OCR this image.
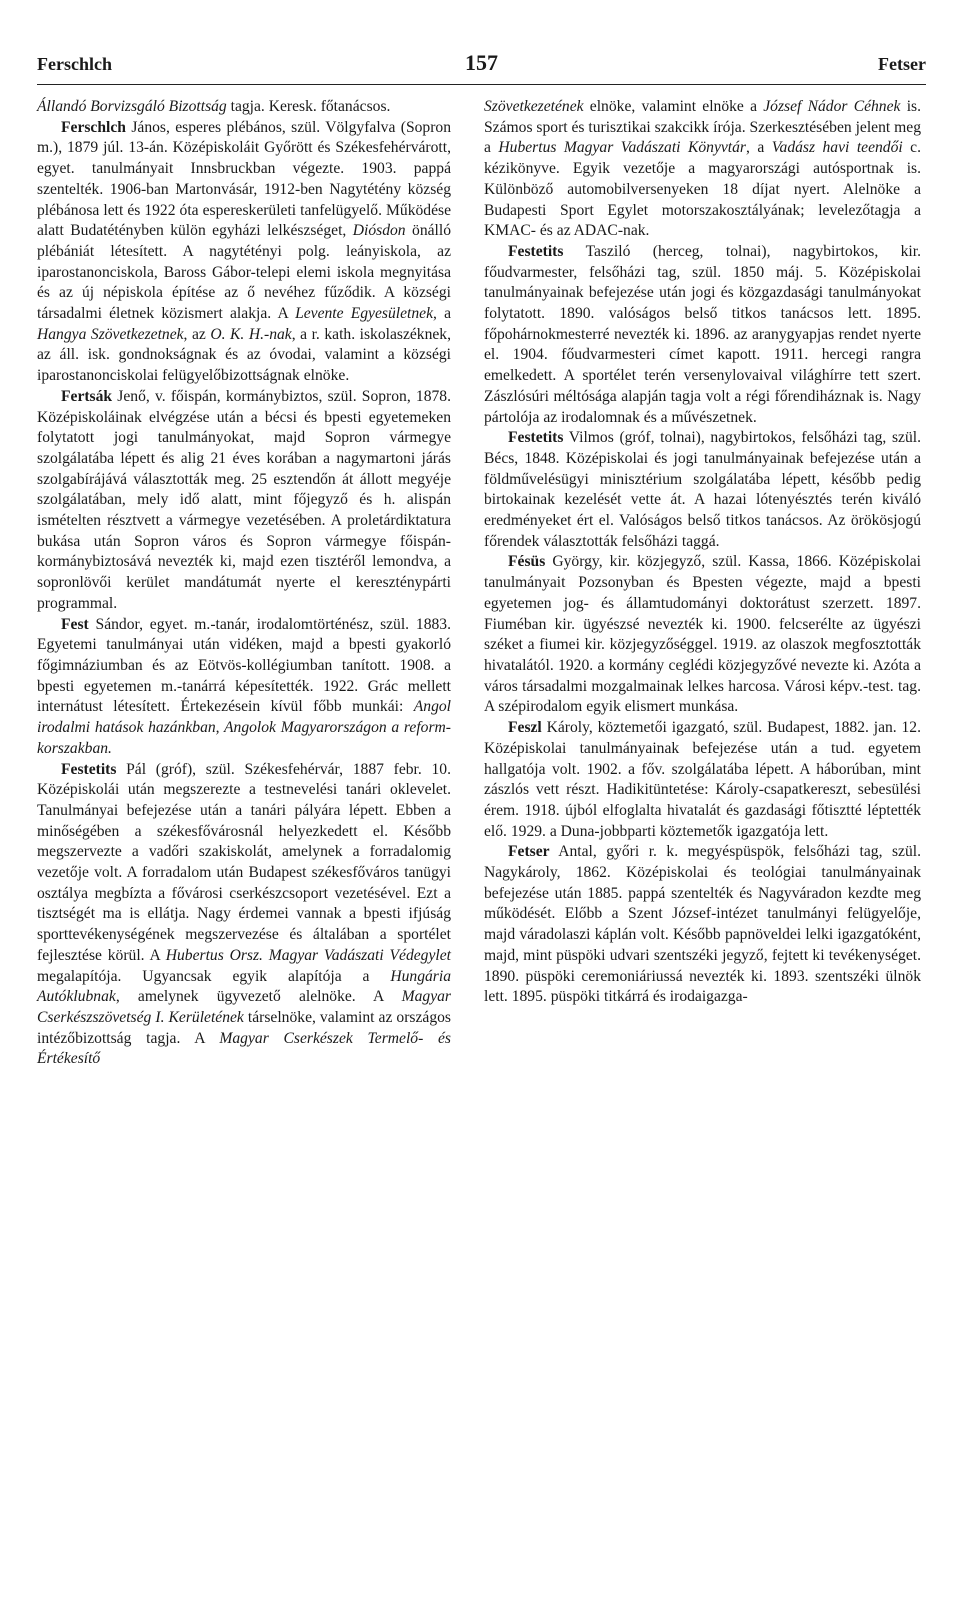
Ferschlch	157	Fetser

Állandó Borvizsgáló Bizottság tagja. Keresk. főtanácsos.

Ferschlch János, esperes plébános, szül. Völgyfalva (Sopron m.), 1879 júl. 13-án. Középiskoláit Győrött és Székesfehérvárott, egyet. tanulmányait Innsbruckban végezte. 1903. pappá szentelték. 1906-ban Martonvásár, 1912-ben Nagytétény község plébánosa lett és 1922 óta espereskerületi tanfelügyelő. Működése alatt Budatétényben külön egyházi lelkészséget, Diósdon önálló plébániát létesített. A nagytétényi polg. leányiskola, az iparostanonciskola, Baross Gábor-telepi elemi iskola megnyitása és az új népiskola építése az ő nevéhez fűződik. A községi társadalmi életnek közismert alakja. A Levente Egyesületnek, a Hangya Szövetkezetnek, az O. K. H.-nak, a r. kath. iskolaszéknek, az áll. isk. gondnokságnak és az óvodai, valamint a községi iparostanonciskolai felügyelőbizottságnak elnöke.

Fertsák Jenő, v. főispán, kormánybiztos, szül. Sopron, 1878. Középiskoláinak elvégzése után a bécsi és bpesti egyetemeken folytatott jogi tanulmányokat, majd Sopron vármegye szolgálatába lépett és alig 21 éves korában a nagymartoni járás szolgabírájává választották meg. 25 esztendőn át állott megyéje szolgálatában, mely idő alatt, mint főjegyző és h. alispán ismételten résztvett a vármegye vezetésében. A proletárdiktatura bukása után Sopron város és Sopron vármegye főispán-kormánybiztosává nevezték ki, majd ezen tisztéről lemondva, a sopronlövői kerület mandátumát nyerte el kereszténypárti programmal.

Fest Sándor, egyet. m.-tanár, irodalomtörténész, szül. 1883. Egyetemi tanulmányai után vidéken, majd a bpesti gyakorló főgimnáziumban és az Eötvös-kollégiumban tanított. 1908. a bpesti egyetemen m.-tanárrá képesítették. 1922. Grác mellett internátust létesített. Értekezésein kívül főbb munkái: Angol irodalmi hatások hazánkban, Angolok Magyarországon a reform-korszakban.

Festetits Pál (gróf), szül. Székesfehérvár, 1887 febr. 10. Középiskolái után megszerezte a testnevelési tanári oklevelet. Tanulmányai befejezése után a tanári pályára lépett. Ebben a minőségében a székesfővárosnál helyezkedett el. Később megszervezte a vadőri szakiskolát, amelynek a forradalomig vezetője volt. A forradalom után Budapest székesfőváros tanügyi osztálya megbízta a fővárosi cserkészcsoport vezetésével. Ezt a tisztségét ma is ellátja. Nagy érdemei vannak a bpesti ifjúság sporttevékenységének megszervezése és általában a sportélet fejlesztése körül. A Hubertus Orsz. Magyar Vadászati Védegylet megalapítója. Ugyancsak egyik alapítója a Hungária Autóklubnak, amelynek ügyvezető alelnöke. A Magyar Cserkészszövetség I. Kerületének társelnöke, valamint az országos intézőbizottság tagja. A Magyar Cserkészek Termelő- és Értékesítő

Szövetkezetének elnöke, valamint elnöke a József Nádor Céhnek is. Számos sport és turisztikai szakcikk írója. Szerkesztésében jelent meg a Hubertus Magyar Vadászati Könyvtár, a Vadász havi teendői c. kézikönyve. Egyik vezetője a magyarországi autósportnak is. Különböző automobilversenyeken 18 díjat nyert. Alelnöke a Budapesti Sport Egylet motorszakosztályának; levelezőtagja a KMAC- és az ADAC-nak.

Festetits Tasziló (herceg, tolnai), nagybirtokos, kir. főudvarmester, felsőházi tag, szül. 1850 máj. 5. Középiskolai tanulmányainak befejezése után jogi és közgazdasági tanulmányokat folytatott. 1890. valóságos belső titkos tanácsos lett. 1895. főpohárnokmesterré nevezték ki. 1896. az aranygyapjas rendet nyerte el. 1904. főudvarmesteri címet kapott. 1911. hercegi rangra emelkedett. A sportélet terén versenylovaival világhírre tett szert. Zászlósúri méltósága alapján tagja volt a régi főrendiháznak is. Nagy pártolója az irodalomnak és a művészetnek.

Festetits Vilmos (gróf, tolnai), nagybirtokos, felsőházi tag, szül. Bécs, 1848. Középiskolai és jogi tanulmányainak befejezése után a földművelésügyi minisztérium szolgálatába lépett, később pedig birtokainak kezelését vette át. A hazai lótenyésztés terén kiváló eredményeket ért el. Valóságos belső titkos tanácsos. Az örökösjogú főrendek választották felsőházi taggá.

Fésüs György, kir. közjegyző, szül. Kassa, 1866. Középiskolai tanulmányait Pozsonyban és Bpesten végezte, majd a bpesti egyetemen jog- és államtudományi doktorátust szerzett. 1897. Fiuméban kir. ügyészsé nevezték ki. 1900. felcserélte az ügyészi széket a fiumei kir. közjegyzőséggel. 1919. az olaszok megfosztották hivatalától. 1920. a kormány ceglédi közjegyzővé nevezte ki. Azóta a város társadalmi mozgalmainak lelkes harcosa. Városi képv.-test. tag. A szépirodalom egyik elismert munkása.

Feszl Károly, köztemetői igazgató, szül. Budapest, 1882. jan. 12. Középiskolai tanulmányainak befejezése után a tud. egyetem hallgatója volt. 1902. a főv. szolgálatába lépett. A háborúban, mint zászlós vett részt. Hadikitüntetése: Károly-csapatkereszt, sebesülési érem. 1918. újból elfoglalta hivatalát és gazdasági főtisztté léptették elő. 1929. a Duna-jobbparti köztemetők igazgatója lett.

Fetser Antal, győri r. k. megyéspüspök, felsőházi tag, szül. Nagykároly, 1862. Középiskolai és teológiai tanulmányainak befejezése után 1885. pappá szentelték és Nagyváradon kezdte meg működését. Előbb a Szent József-intézet tanulmányi felügyelője, majd váradolaszi káplán volt. Később papnöveldei lelki igazgatóként, majd, mint püspöki udvari szentszéki jegyző, fejtett ki tevékenységet. 1890. püspöki ceremoniáriussá nevezték ki. 1893. szentszéki ülnök lett. 1895. püspöki titkárrá és irodaigazga-
